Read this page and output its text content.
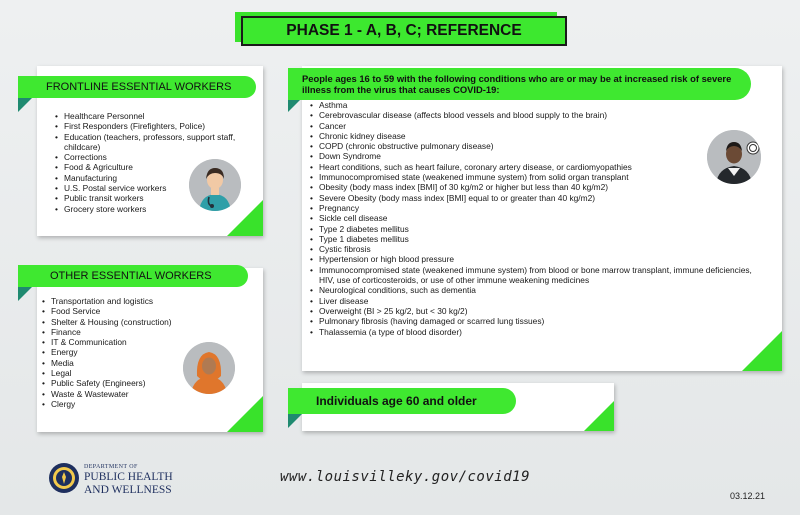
PHASE 1 - A, B, C; REFERENCE
• Healthcare Personnel
• First Responders (Firefighters, Police)
• Education (teachers, professors, support staff, childcare)
• Corrections
• Food & Agriculture
• Manufacturing
• U.S. Postal service workers
• Public transit workers
• Grocery store workers
FRONTLINE ESSENTIAL WORKERS
• Transportation and logistics
• Food Service
• Shelter & Housing (construction)
• Finance
• IT & Communication
• Energy
• Media
• Legal
• Public Safety (Engineers)
• Waste & Wastewater
• Clergy
OTHER ESSENTIAL WORKERS
• Asthma
• Cerebrovascular disease (affects blood vessels and blood supply to the brain)
• Cancer
• Chronic kidney disease
• COPD (chronic obstructive pulmonary disease)
• Down Syndrome
• Heart conditions, such as heart failure, coronary artery disease, or cardiomyopathies
• Immunocompromised state (weakened immune system) from solid organ transplant
• Obesity (body mass index [BMI] of 30 kg/m2 or higher but less than 40 kg/m2)
• Severe Obesity (body mass index [BMI] equal to or greater than 40 kg/m2)
• Pregnancy
• Sickle cell disease
• Type 2 diabetes mellitus
• Type 1 diabetes mellitus
• Cystic fibrosis
• Hypertension or high blood pressure
• Immunocompromised state (weakened immune system) from blood or bone marrow transplant, immune deficiencies, HIV, use of corticosteroids, or use of other immune weakening medicines
• Neurological conditions, such as dementia
• Liver disease
• Overweight (BI > 25 kg/2, but < 30 kg/2)
• Pulmonary fibrosis (having damaged or scarred lung tissues)
• Thalassemia (a type of blood disorder)
People ages 16 to 59 with the following conditions who are or may be at increased risk of severe illness from the virus that causes COVID-19:
Individuals age 60 and older
DEPARTMENT OF
PUBLIC HEALTH
AND WELLNESS
www.louisvilleky.gov/covid19
03.12.21
